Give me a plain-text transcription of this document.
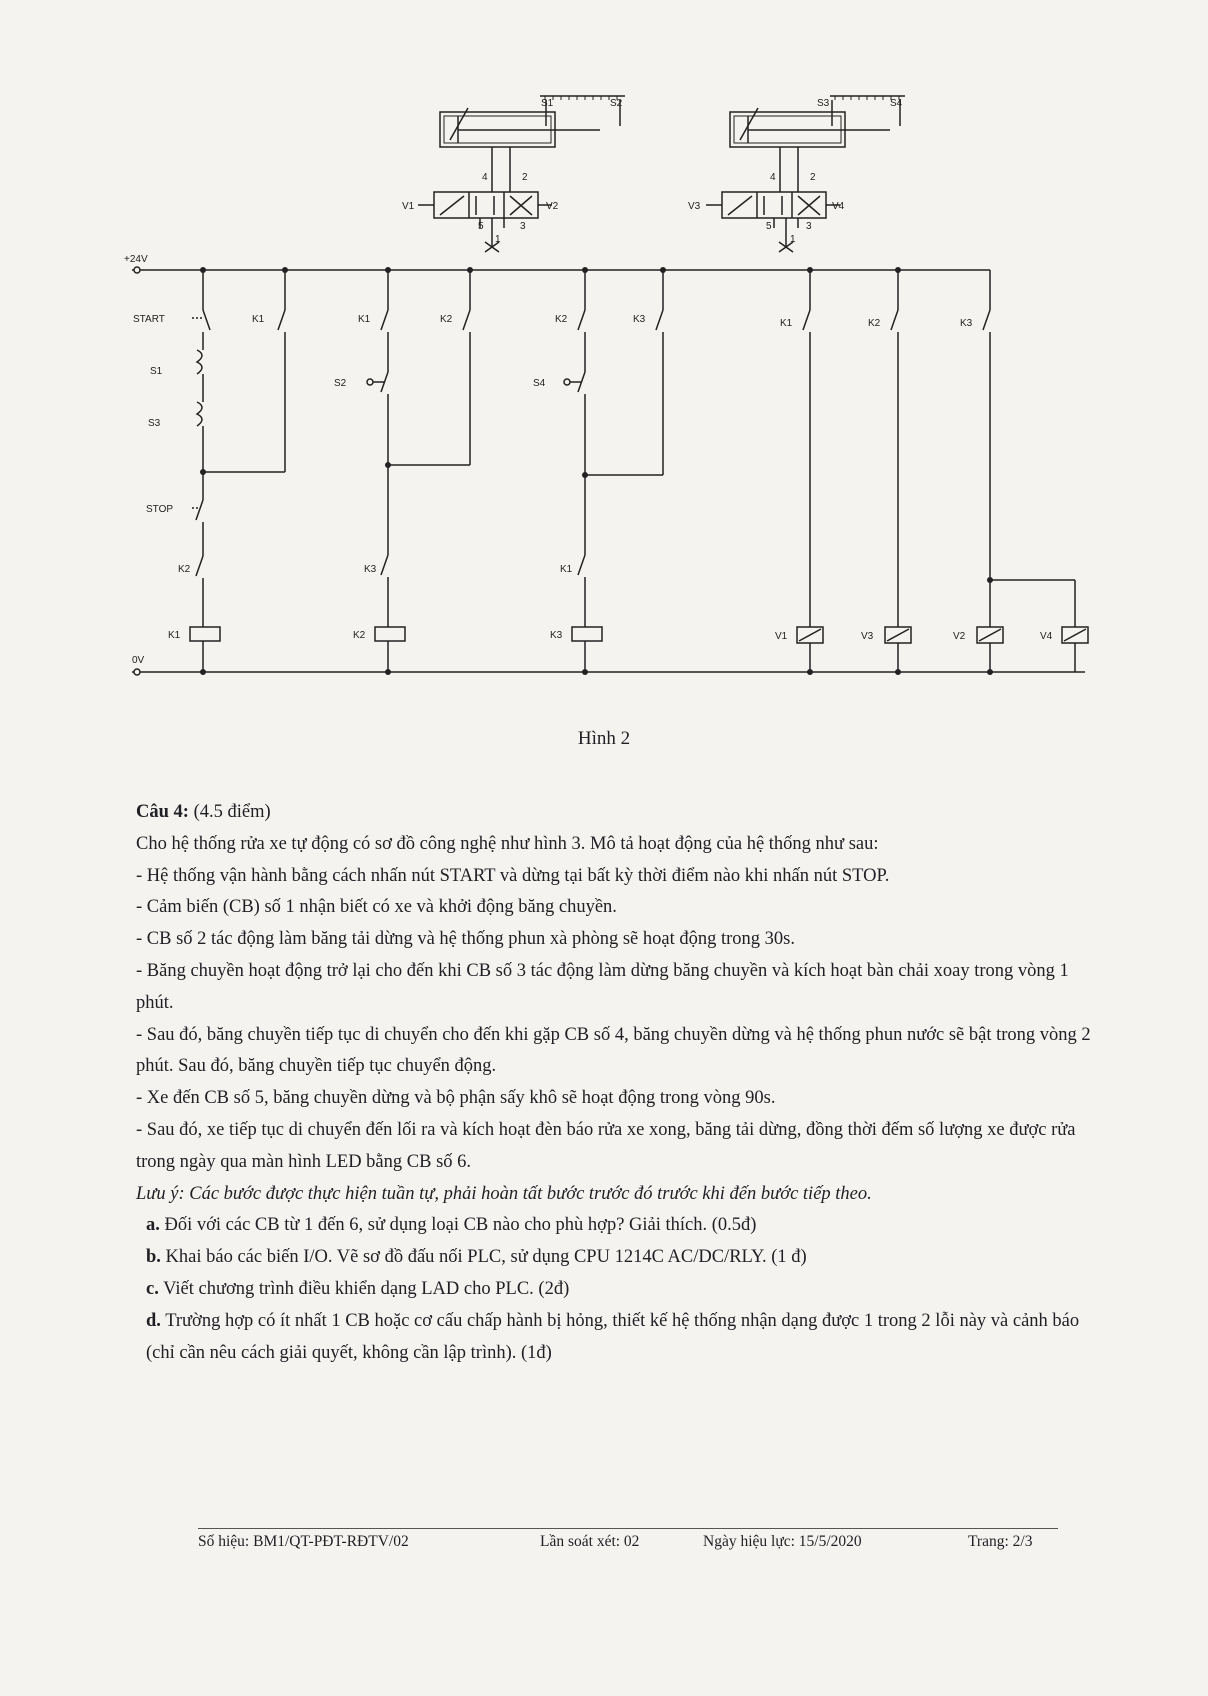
S1	S2	S3	S4
4	2
V1	V2
5	3
1
4	2
V3	V4
5	3
1
+24V
0V
START
S1
S3
STOP
K2
K1
K1	K1
S2
K3
K2
K2	K2
S4
K1
K3
K3	K1	K2	K3
V1	V3	V2	V4
Hình 2

Câu 4: (4.5 điểm)

Cho hệ thống rửa xe tự động có sơ đồ công nghệ như hình 3. Mô tả hoạt động của hệ thống như sau:

- Hệ thống vận hành bằng cách nhấn nút START và dừng tại bất kỳ thời điểm nào khi nhấn nút STOP.

- Cảm biến (CB) số 1 nhận biết có xe và khởi động băng chuyền.

- CB số 2 tác động làm băng tải dừng và hệ thống phun xà phòng sẽ hoạt động trong 30s.

- Băng chuyền hoạt động trở lại cho đến khi CB số 3 tác động làm dừng băng chuyền và kích hoạt bàn chải xoay trong vòng 1 phút.

- Sau đó, băng chuyền tiếp tục di chuyển cho đến khi gặp CB số 4, băng chuyền dừng và hệ thống phun nước sẽ bật trong vòng 2 phút. Sau đó, băng chuyền tiếp tục chuyển động.

- Xe đến CB số 5, băng chuyền dừng và bộ phận sấy khô sẽ hoạt động trong vòng 90s.

- Sau đó, xe tiếp tục di chuyển đến lối ra và kích hoạt đèn báo rửa xe xong, băng tải dừng, đồng thời đếm số lượng xe được rửa trong ngày qua màn hình LED bằng CB số 6.

Lưu ý: Các bước được thực hiện tuần tự, phải hoàn tất bước trước đó trước khi đến bước tiếp theo.

a. Đối với các CB từ 1 đến 6, sử dụng loại CB nào cho phù hợp? Giải thích. (0.5đ)

b. Khai báo các biến I/O. Vẽ sơ đồ đấu nối PLC, sử dụng CPU 1214C AC/DC/RLY. (1 đ)

c. Viết chương trình điều khiển dạng LAD cho PLC. (2đ)

d. Trường hợp có ít nhất 1 CB hoặc cơ cấu chấp hành bị hỏng, thiết kế hệ thống nhận dạng được 1 trong 2 lỗi này và cảnh báo (chỉ cần nêu cách giải quyết, không cần lập trình). (1đ)

Số hiệu: BM1/QT-PĐT-RĐTV/02	Lần soát xét: 02	Ngày hiệu lực: 15/5/2020	Trang: 2/3
